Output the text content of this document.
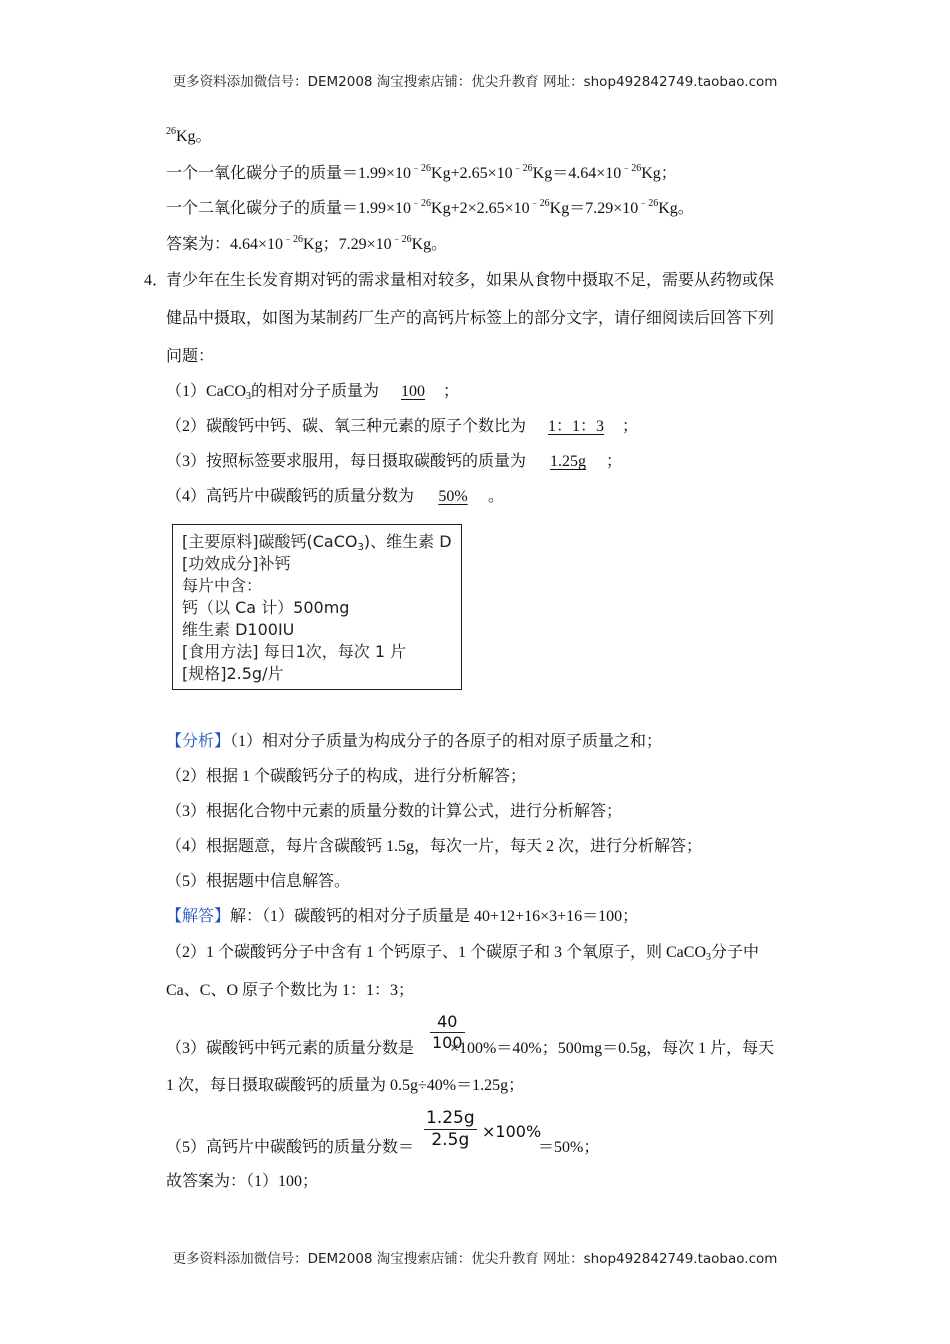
更多资料添加微信号：DEM2008 淘宝搜索店铺：优尖升教育 网址：shop492842749.taobao.com
$^{26}$Kg。
一个一氧化碳分子的质量$=1.99\times 10^{﹣26}Kg+2.65\times 10^{﹣26}Kg=4.64\times 10^{﹣26}Kg$；
一个二氧化碳分子的质量$=1.99\times 10^{﹣26}Kg+2\times 2.65\times 10^{﹣26}Kg=7.29\times 10^{﹣26}Kg$。
答案为：$4.64\times 10^{﹣26}Kg$；$7.29\times 10^{﹣26}Kg$。
4．
青少年在生长发育期对钙的需求量相对较多，如果从食物中摄取不足，需要从药物或保
健品中摄取，如图为某制药厂生产的高钙片标签上的部分文字，请仔细阅读后回答下列
问题：
（1）CaCO$_3$的相对分子质量为 100 ；
（2）碳酸钙中钙、碳、氧三种元素的原子个数比为 1：1：3 ；
（3）按照标签要求服用，每日摄取碳酸钙的质量为 1.25g ；
（4）高钙片中碳酸钙的质量分数为 50% 。
[主要原料]碳酸钙(CaCO$_3$)、维生素 D
[功效成分]补钙
每片中含：
钙（以 Ca 计）500mg
维生素 D100IU
[食用方法] 每日1次，每次 1 片
[规格]2.5g/片
【分析】（1）相对分子质量为构成分子的各原子的相对原子质量之和；
（2）根据 1 个碳酸钙分子的构成，进行分析解答；
（3）根据化合物中元素的质量分数的计算公式，进行分析解答；
（4）根据题意，每片含碳酸钙 1.5g，每次一片，每天 2 次，进行分析解答；
（5）根据题中信息解答。
【解答】解：（1）碳酸钙的相对分子质量是 40+12+16×3+16＝100；
（2）1 个碳酸钙分子中含有 1 个钙原子、1 个碳原子和 3 个氧原子，则 CaCO$_3$分子中
Ca、C、O 原子个数比为 1：1：3；
（3）碳酸钙中钙元素的质量分数是 ×100%＝40%；500mg＝0.5g，每次 1 片，每天
$\frac{40}{100}$
1 次，每日摄取碳酸钙的质量为 0.5g÷40%＝1.25g；
（5）高钙片中碳酸钙的质量分数＝	＝50%；
$\frac{1.25g}{2.5g} \times 100\%$
故答案为：（1）100；
更多资料添加微信号：DEM2008 淘宝搜索店铺：优尖升教育 网址：shop492842749.taobao.com
